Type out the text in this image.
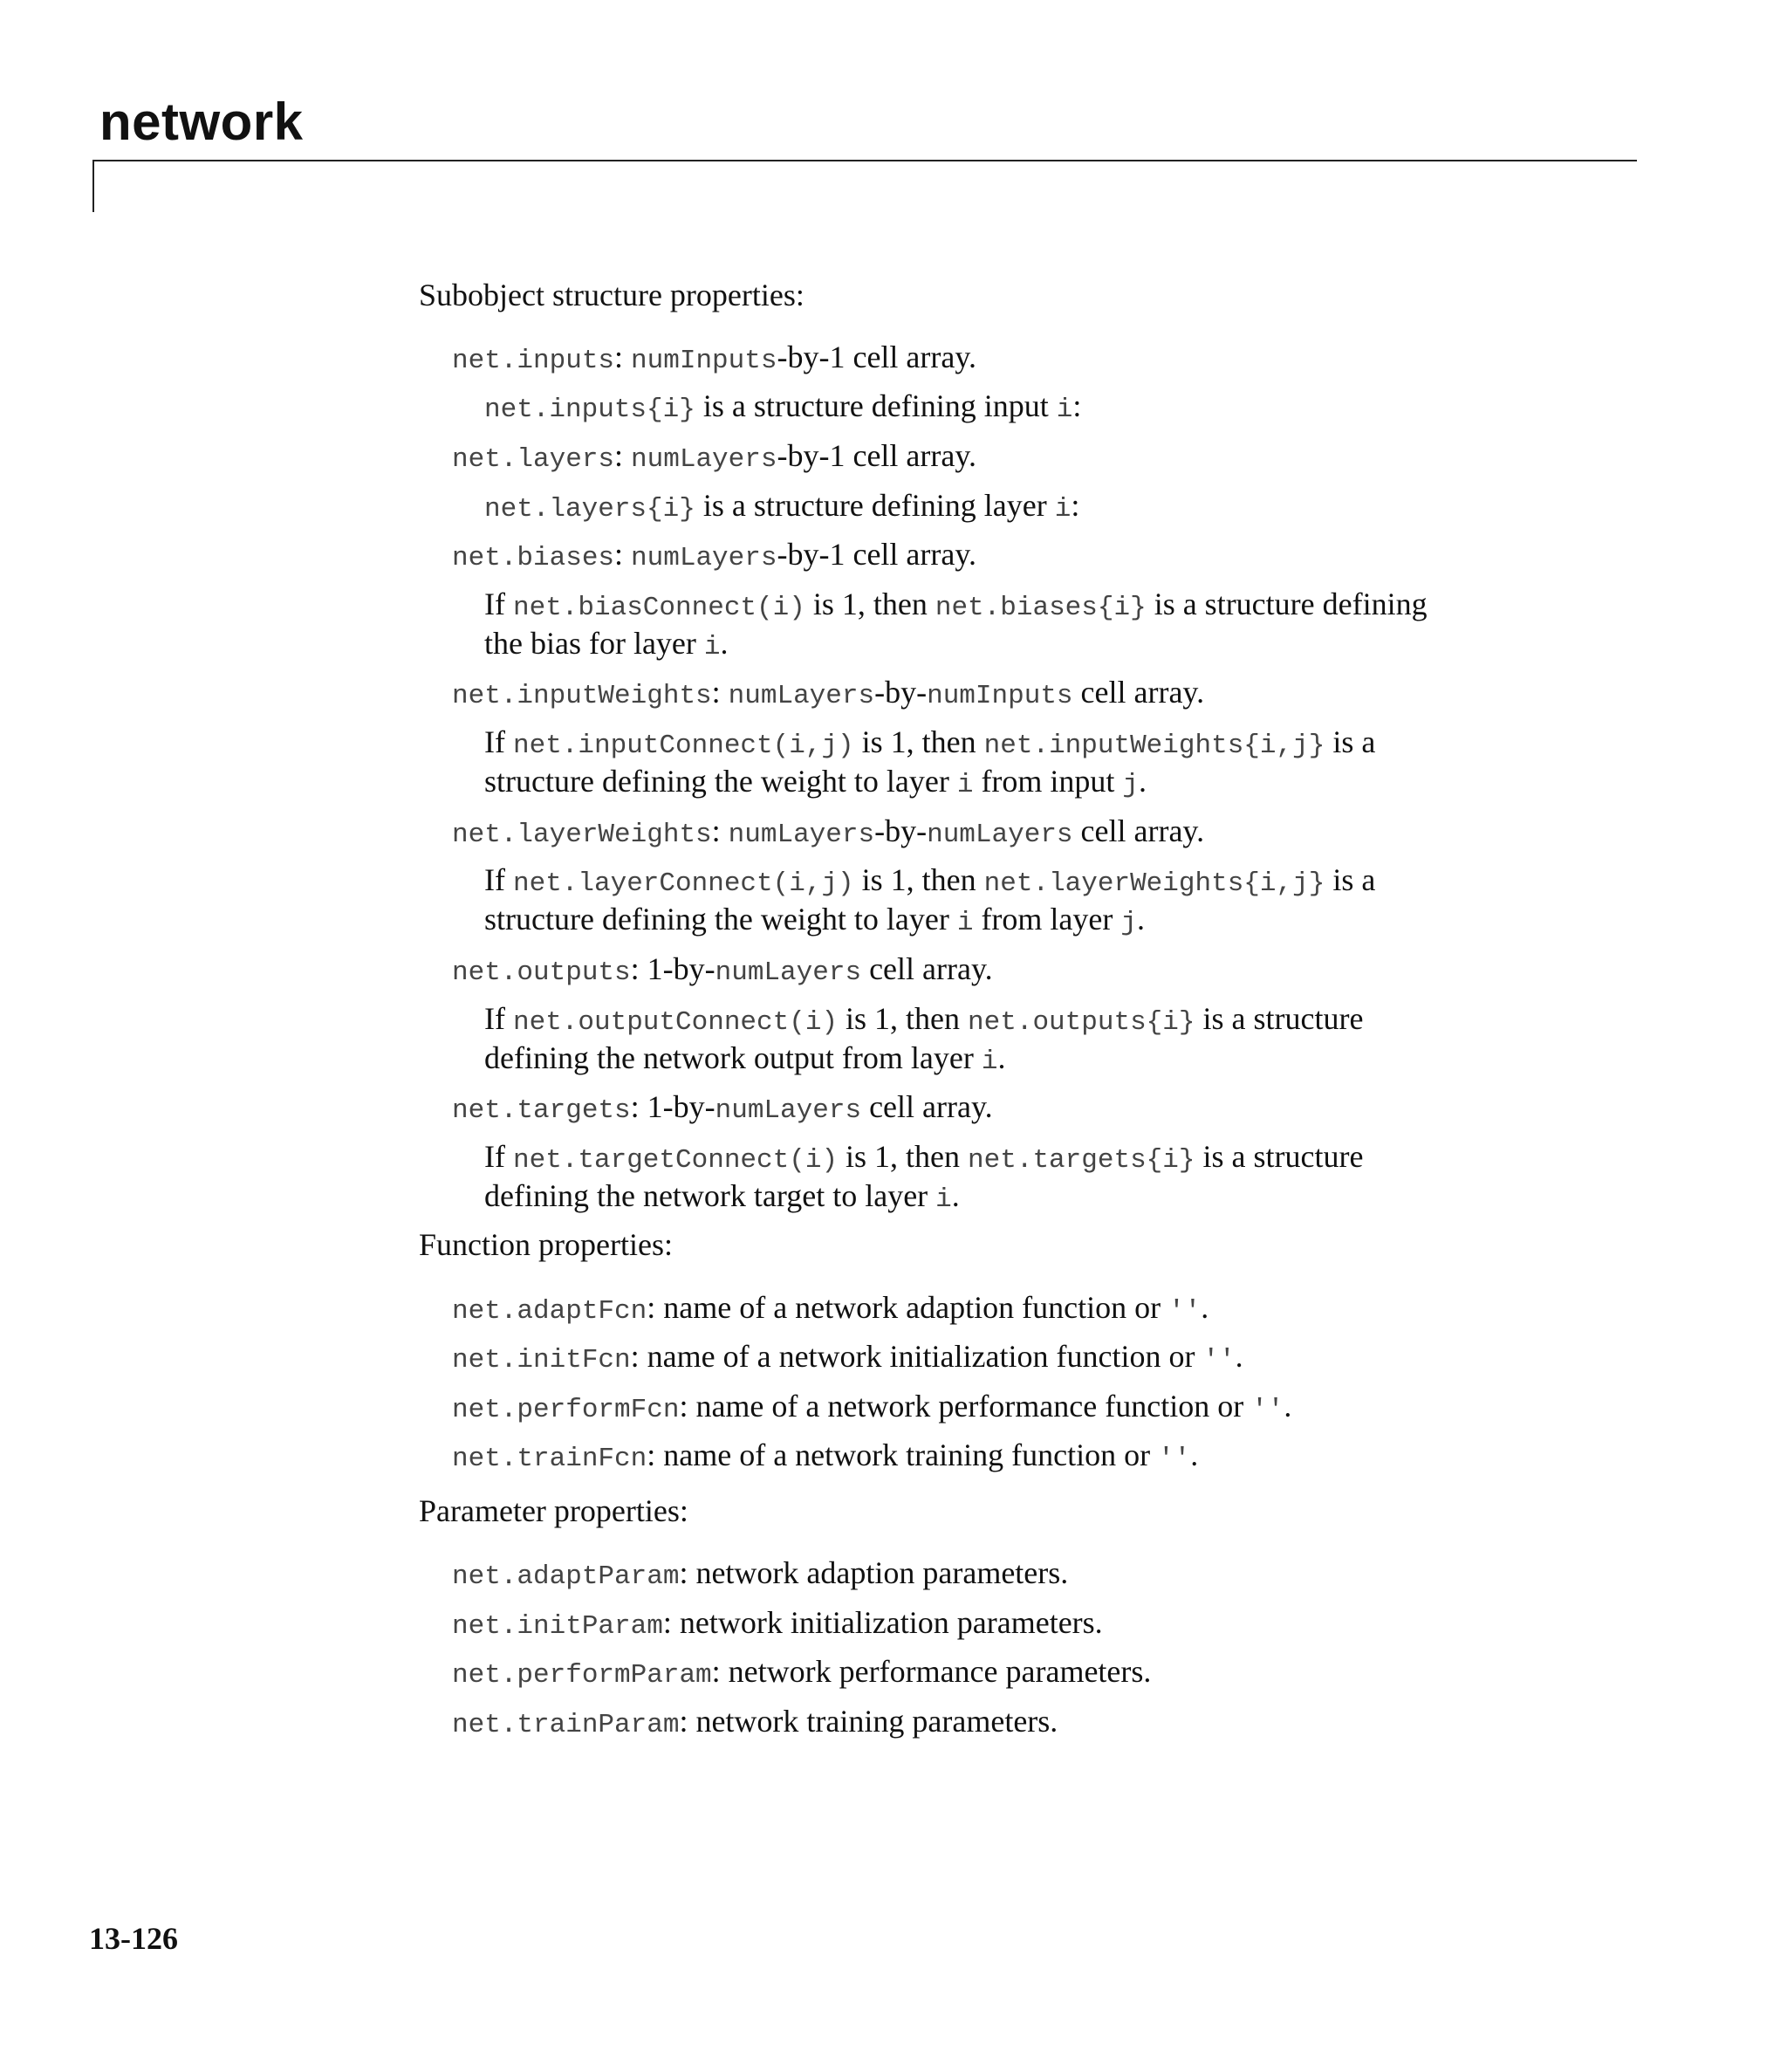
network
Subobject structure properties:
net.inputs: numInputs-by-1 cell array.
net.inputs{i} is a structure defining input i:
net.layers: numLayers-by-1 cell array.
net.layers{i} is a structure defining layer i:
net.biases: numLayers-by-1 cell array.
If net.biasConnect(i) is 1, then net.biases{i} is a structure defining
the bias for layer i.
net.inputWeights: numLayers-by-numInputs cell array.
If net.inputConnect(i,j) is 1, then net.inputWeights{i,j} is a
structure defining the weight to layer i from input j.
net.layerWeights: numLayers-by-numLayers cell array.
If net.layerConnect(i,j) is 1, then net.layerWeights{i,j} is a
structure defining the weight to layer i from layer j.
net.outputs: 1-by-numLayers cell array.
If net.outputConnect(i) is 1, then net.outputs{i} is a structure
defining the network output from layer i.
net.targets: 1-by-numLayers cell array.
If net.targetConnect(i) is 1, then net.targets{i} is a structure
defining the network target to layer i.
Function properties:
net.adaptFcn: name of a network adaption function or ''.
net.initFcn: name of a network initialization function or ''.
net.performFcn: name of a network performance function or ''.
net.trainFcn: name of a network training function or ''.
Parameter properties:
net.adaptParam: network adaption parameters.
net.initParam: network initialization parameters.
net.performParam: network performance parameters.
net.trainParam: network training parameters.
13-126
